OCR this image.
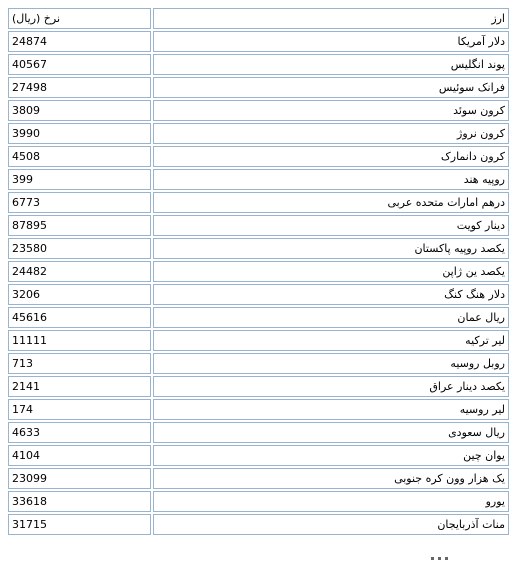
ارز	نرخ (ریال)
دلار آمریکا	24874
پوند انگلیس	40567
فرانک سوئیس	27498
کرون سوئد	3809
کرون نروژ	3990
کرون دانمارک	4508
روپیه هند	399
درهم امارات متحده عربی	6773
دینار کویت	87895
یکصد روپیه پاکستان	23580
یکصد ین ژاپن	24482
دلار هنگ کنگ	3206
ریال عمان	45616
لیر ترکیه	11111
روبل روسیه	713
یکصد دینار عراق	2141
لیر روسیه	174
ریال سعودی	4633
یوان چین	4104
یک هزار وون کره جنوبی	23099
یورو	33618
منات آذربایجان	31715
